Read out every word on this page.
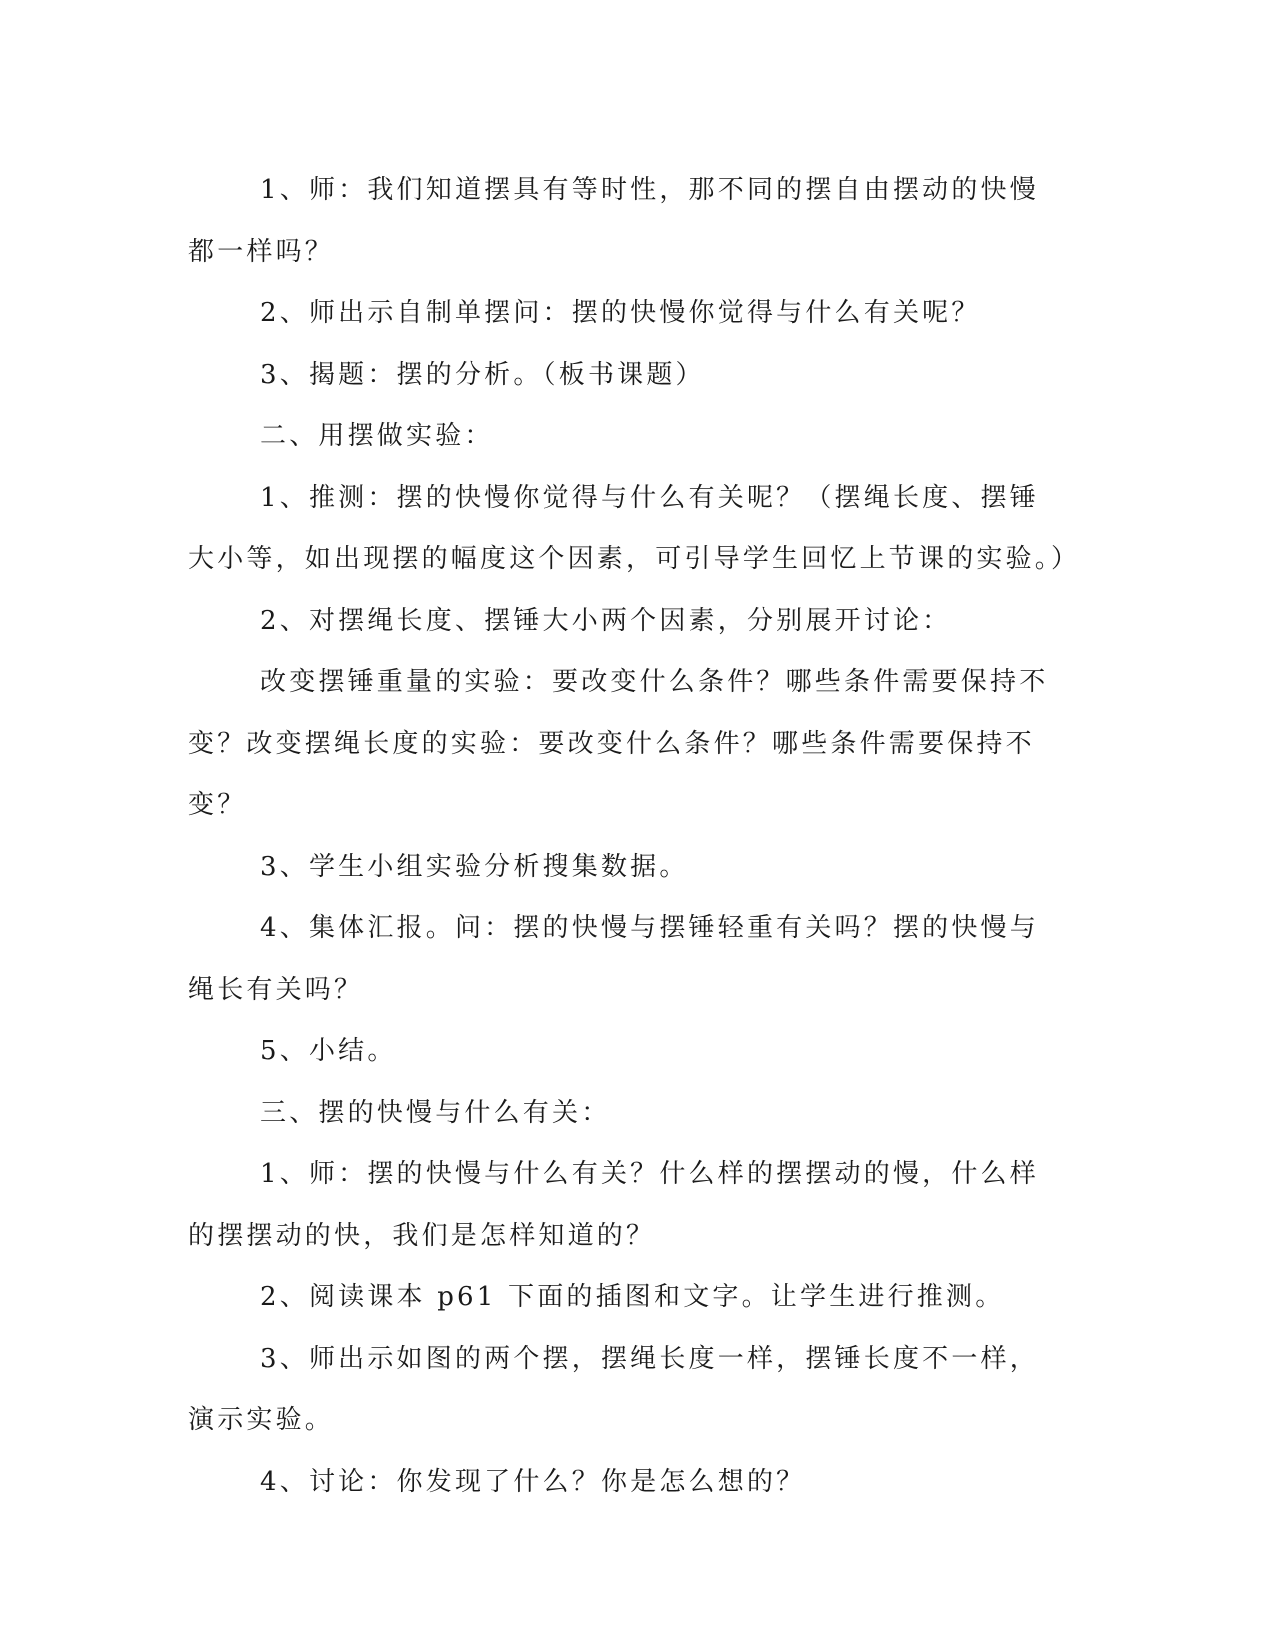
1、师：我们知道摆具有等时性，那不同的摆自由摆动的快慢都一样吗？

2、师出示自制单摆问：摆的快慢你觉得与什么有关呢？

3、揭题：摆的分析。（板书课题）

二、用摆做实验：

1、推测：摆的快慢你觉得与什么有关呢？（摆绳长度、摆锤大小等，如出现摆的幅度这个因素，可引导学生回忆上节课的实验。）

2、对摆绳长度、摆锤大小两个因素，分别展开讨论：

改变摆锤重量的实验：要改变什么条件？哪些条件需要保持不变？改变摆绳长度的实验：要改变什么条件？哪些条件需要保持不变？

3、学生小组实验分析搜集数据。

4、集体汇报。问：摆的快慢与摆锤轻重有关吗？摆的快慢与绳长有关吗？

5、小结。

三、摆的快慢与什么有关：

1、师：摆的快慢与什么有关？什么样的摆摆动的慢，什么样的摆摆动的快，我们是怎样知道的？

2、阅读课本 p61 下面的插图和文字。让学生进行推测。

3、师出示如图的两个摆，摆绳长度一样，摆锤长度不一样，演示实验。

4、讨论：你发现了什么？你是怎么想的？
